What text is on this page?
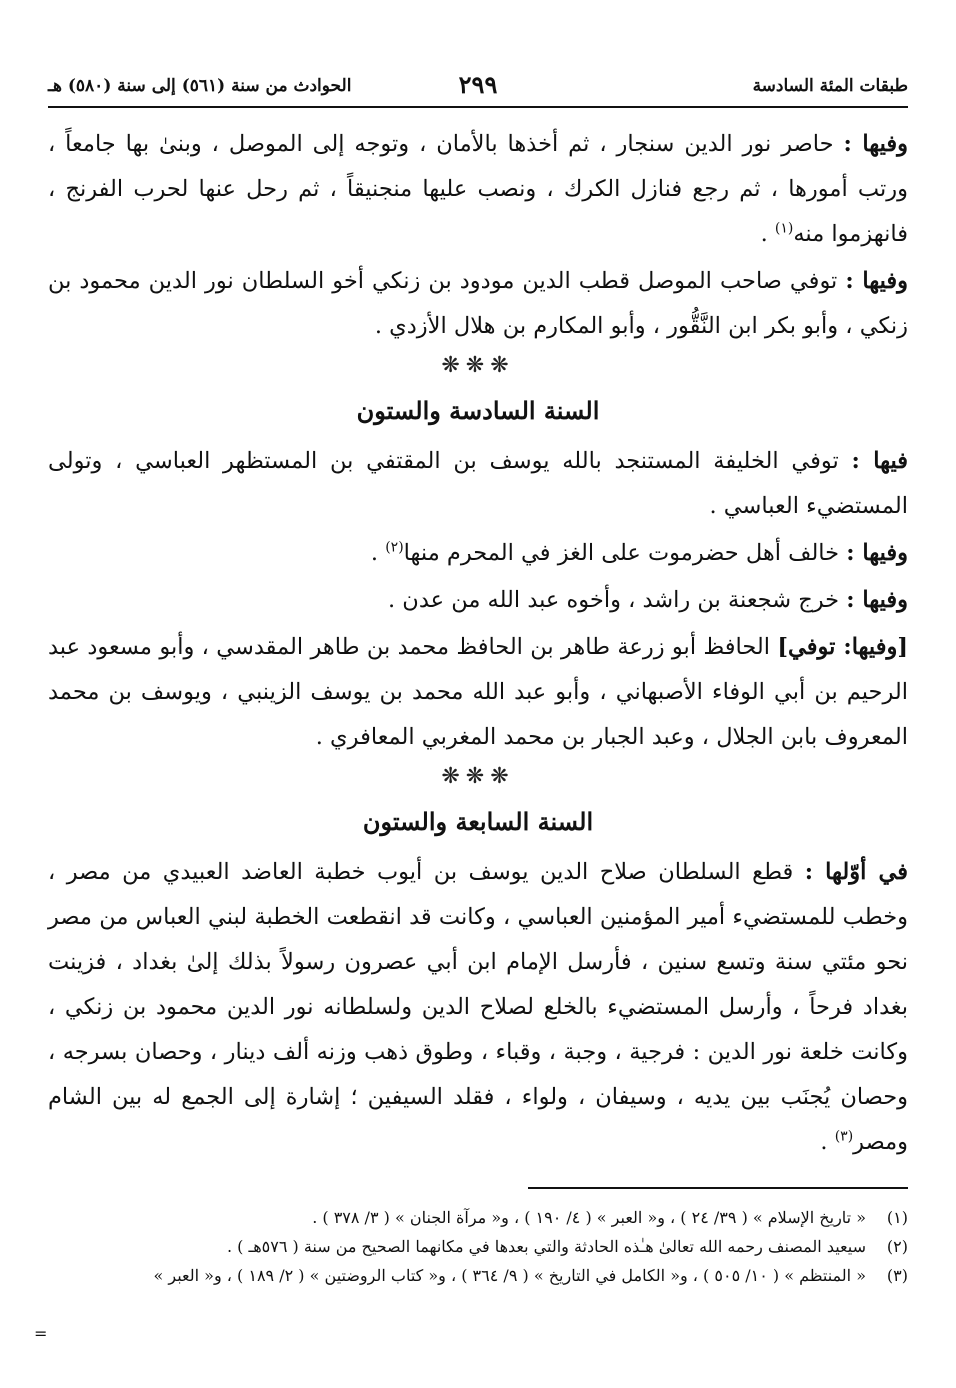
طبقات المئة السادسة
٢٩٩
الحوادث من سنة (٥٦١) إلى سنة (٥٨٠) هـ

وفيها : حاصر نور الدين سنجار ، ثم أخذها بالأمان ، وتوجه إلى الموصل ، وبنىٰ بها جامعاً ، ورتب أمورها ، ثم رجع فنازل الكرك ، ونصب عليها منجنيقاً ، ثم رحل عنها لحرب الفرنج ، فانهزموا منه$^{(١)}$ .

وفيها : توفي صاحب الموصل قطب الدين مودود بن زنكي أخو السلطان نور الدين محمود بن زنكي ، وأبو بكر ابن النَّقُّور ، وأبو المكارم بن هلال الأزدي .

❋❋❋
السنة السادسة والستون

فيها : توفي الخليفة المستنجد بالله يوسف بن المقتفي بن المستظهر العباسي ، وتولى المستضيء العباسي .

وفيها : خالف أهل حضرموت على الغز في المحرم منها$^{(٢)}$ .

وفيها : خرج شجعنة بن راشد ، وأخوه عبد الله من عدن .

[وفيها: توفي] الحافظ أبو زرعة طاهر بن الحافظ محمد بن طاهر المقدسي ، وأبو مسعود عبد الرحيم بن أبي الوفاء الأصبهاني ، وأبو عبد الله محمد بن يوسف الزينبي ، ويوسف بن محمد المعروف بابن الجلال ، وعبد الجبار بن محمد المغربي المعافري .

❋❋❋
السنة السابعة والستون

في أوّلها : قطع السلطان صلاح الدين يوسف بن أيوب خطبة العاضد العبيدي من مصر ، وخطب للمستضيء أمير المؤمنين العباسي ، وكانت قد انقطعت الخطبة لبني العباس من مصر نحو مئتي سنة وتسع سنين ، فأرسل الإمام ابن أبي عصرون رسولاً بذلك إلىٰ بغداد ، فزينت بغداد فرحاً ، وأرسل المستضيء بالخلع لصلاح الدين ولسلطانه نور الدين محمود بن زنكي ، وكانت خلعة نور الدين : فرجية ، وجبة ، وقباء ، وطوق ذهب وزنه ألف دينار ، وحصان بسرجه ، وحصان يُجنَب بين يديه ، وسيفان ، ولواء ، فقلد السيفين ؛ إشارة إلى الجمع له بين الشام ومصر$^{(٣)}$ .

(١)
« تاريخ الإسلام » ( ٣٩/ ٢٤ ) ، و« العبر » ( ٤/ ١٩٠ ) ، و« مرآة الجنان » ( ٣/ ٣٧٨ ) .
(٢)
سيعيد المصنف رحمه الله تعالىٰ هـٰذه الحادثة والتي بعدها في مكانهما الصحيح من سنة ( ٥٧٦هـ ) .
(٣)
« المنتظم » ( ١٠/ ٥٠٥ ) ، و« الكامل في التاريخ » ( ٩/ ٣٦٤ ) ، و« كتاب الروضتين » ( ٢/ ١٨٩ ) ، و« العبر »
=
